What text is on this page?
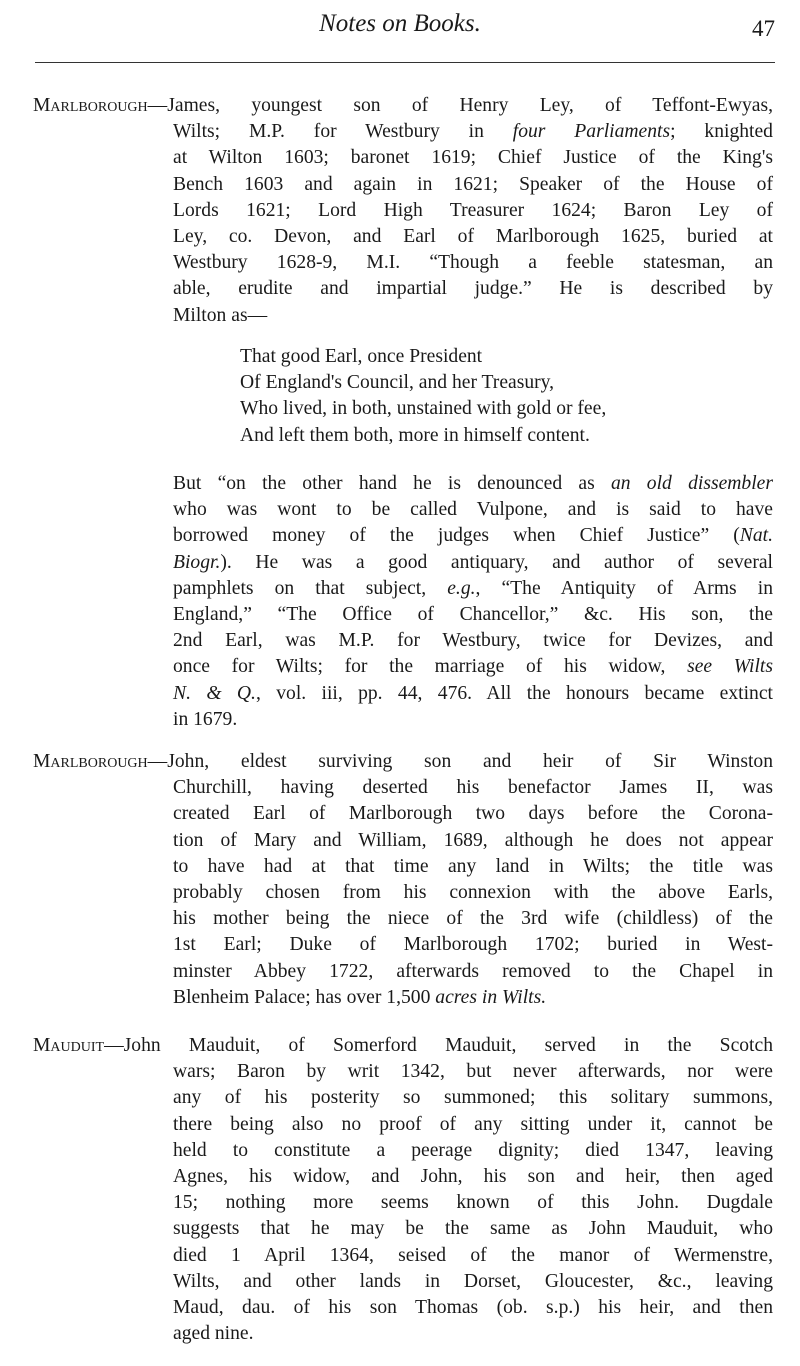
Notes on Books.	47
Marlborough—James, youngest son of Henry Ley, of Teffont-Ewyas,
Wilts; M.P. for Westbury in four Parliaments; knighted
at Wilton 1603; baronet 1619; Chief Justice of the King's
Bench 1603 and again in 1621; Speaker of the House of
Lords 1621; Lord High Treasurer 1624; Baron Ley of
Ley, co. Devon, and Earl of Marlborough 1625, buried at
Westbury 1628-9, M.I. “Though a feeble statesman, an
able, erudite and impartial judge.” He is described by
Milton as—
That good Earl, once President
Of England's Council, and her Treasury,
Who lived, in both, unstained with gold or fee,
And left them both, more in himself content.
But “on the other hand he is denounced as an old dissembler
who was wont to be called Vulpone, and is said to have
borrowed money of the judges when Chief Justice” (Nat.
Biogr.). He was a good antiquary, and author of several
pamphlets on that subject, e.g., “The Antiquity of Arms in
England,” “The Office of Chancellor,” &c. His son, the
2nd Earl, was M.P. for Westbury, twice for Devizes, and
once for Wilts; for the marriage of his widow, see Wilts
N. & Q., vol. iii, pp. 44, 476. All the honours became extinct
in 1679.
Marlborough—John, eldest surviving son and heir of Sir Winston
Churchill, having deserted his benefactor James II, was
created Earl of Marlborough two days before the Corona-
tion of Mary and William, 1689, although he does not appear
to have had at that time any land in Wilts; the title was
probably chosen from his connexion with the above Earls,
his mother being the niece of the 3rd wife (childless) of the
1st Earl; Duke of Marlborough 1702; buried in West-
minster Abbey 1722, afterwards removed to the Chapel in
Blenheim Palace; has over 1,500 acres in Wilts.
Mauduit—John Mauduit, of Somerford Mauduit, served in the Scotch
wars; Baron by writ 1342, but never afterwards, nor were
any of his posterity so summoned; this solitary summons,
there being also no proof of any sitting under it, cannot be
held to constitute a peerage dignity; died 1347, leaving
Agnes, his widow, and John, his son and heir, then aged
15; nothing more seems known of this John. Dugdale
suggests that he may be the same as John Mauduit, who
died 1 April 1364, seised of the manor of Wermenstre,
Wilts, and other lands in Dorset, Gloucester, &c., leaving
Maud, dau. of his son Thomas (ob. s.p.) his heir, and then
aged nine.
